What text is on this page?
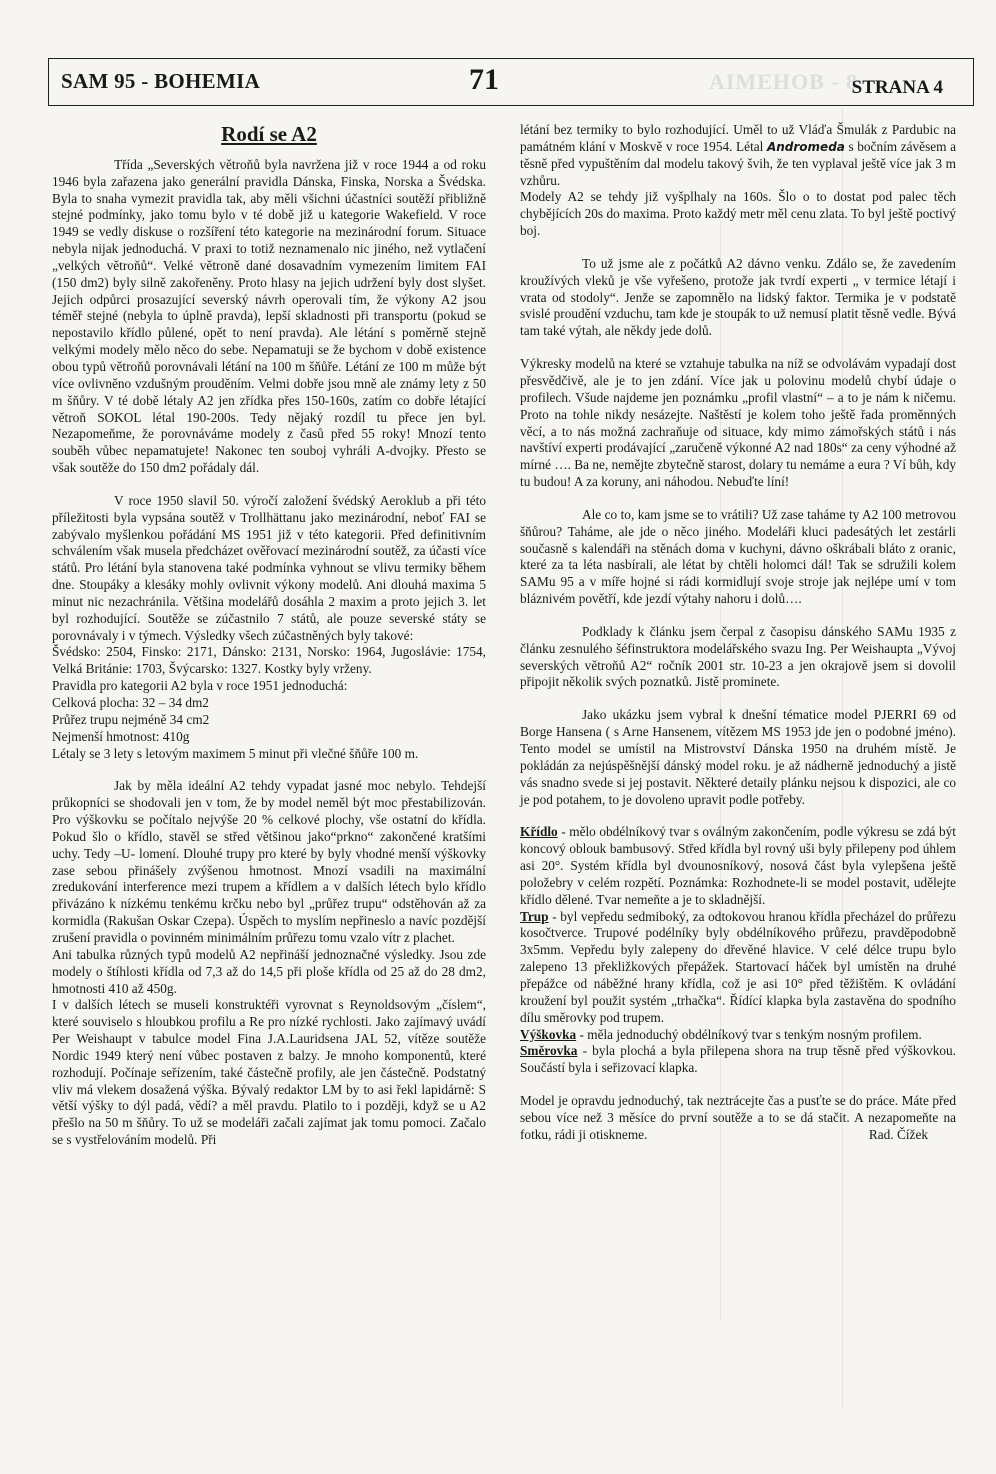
SAM 95 - BOHEMIA	71	AIMEHOB - 8
STRANA 4
Rodí se A2

Třída „Severských větroňů byla navržena již v roce 1944 a od roku 1946 byla zařazena jako generální pravidla Dánska, Finska, Norska a Švédska. Byla to snaha vymezit pravidla tak, aby měli všichni účastníci soutěží přibližně stejné podmínky, jako tomu bylo v té době již u kategorie Wakefield. V roce 1949 se vedly diskuse o rozšíření této kategorie na mezinárodní forum. Situace nebyla nijak jednoduchá. V praxi to totiž neznamenalo nic jiného, než vytlačení „velkých větroňů“. Velké větroně dané dosavadním vymezením limitem FAI (150 dm2) byly silně zakořeněny. Proto hlasy na jejich udržení byly dost slyšet. Jejich odpůrci prosazující severský návrh operovali tím, že výkony A2 jsou téměř stejné (nebyla to úplně pravda), lepší skladnosti při transportu (pokud se nepostavilo křídlo půlené, opět to není pravda). Ale létání s poměrně stejně velkými modely mělo něco do sebe. Nepamatuji se že bychom v době existence obou typů větroňů porovnávali létání na 100 m šňůře. Létání ze 100 m může být více ovlivněno vzdušným prouděním. Velmi dobře jsou mně ale známy lety z 50 m šňůry. V té době létaly A2 jen zřídka přes 150-160s, zatím co dobře létající větroň SOKOL létal 190-200s. Tedy nějaký rozdíl tu přece jen byl. Nezapomeňme, že porovnáváme modely z časů před 55 roky! Mnozí tento souběh vůbec nepamatujete! Nakonec ten souboj vyhráli A-dvojky. Přesto se však soutěže do 150 dm2 pořádaly dál.

V roce 1950 slavil 50. výročí založení švédský Aeroklub a při této příležitosti byla vypsána soutěž v Trollhättanu jako mezinárodní, neboť FAI se zabývalo myšlenkou pořádání MS 1951 již v této kategorii. Před definitivním schválením však musela předcházet ověřovací mezinárodní soutěž, za účasti více států. Pro létání byla stanovena také podmínka vyhnout se vlivu termiky během dne. Stoupáky a klesáky mohly ovlivnit výkony modelů. Ani dlouhá maxima 5 minut nic nezachránila. Většina modelářů dosáhla 2 maxim a proto jejich 3. let byl rozhodující. Soutěže se zúčastnilo 7 států, ale pouze severské státy se porovnávaly i v týmech. Výsledky všech zúčastněných byly takové:

Švédsko: 2504, Finsko: 2171, Dánsko: 2131, Norsko: 1964, Jugoslávie: 1754, Velká Británie: 1703, Švýcarsko: 1327. Kostky byly vrženy.

Pravidla pro kategorii A2 byla v roce 1951 jednoduchá:

Celková plocha: 32 – 34 dm2

Průřez trupu nejméně 34 cm2

Nejmenší hmotnost: 410g

Létaly se 3 lety s letovým maximem 5 minut při vlečné šňůře 100 m.

Jak by měla ideální A2 tehdy vypadat jasné moc nebylo. Tehdejší průkopníci se shodovali jen v tom, že by model neměl být moc přestabilizován. Pro výškovku se počítalo nejvýše 20 % celkové plochy, vše ostatní do křídla. Pokud šlo o křídlo, stavěl se střed většinou jako“prkno“ zakončené kratšími uchy. Tedy –U- lomení. Dlouhé trupy pro které by byly vhodné menší výškovky zase sebou přinášely zvýšenou hmotnost. Mnozí vsadili na maximální zredukování interference mezi trupem a křídlem a v dalších létech bylo křídlo přivázáno k nízkému tenkému krčku nebo byl „průřez trupu“ odstěhován až za kormidla (Rakušan Oskar Czepa). Úspěch to myslím nepřineslo a navíc pozdější zrušení pravidla o povinném minimálním průřezu tomu vzalo vítr z plachet.

Ani tabulka různých typů modelů A2 nepřináší jednoznačné výsledky. Jsou zde modely o štíhlosti křídla od 7,3 až do 14,5 při ploše křídla od 25 až do 28 dm2, hmotnosti 410 až 450g.

I v dalších létech se museli konstruktéři vyrovnat s Reynoldsovým „číslem“, které souviselo s hloubkou profilu a Re pro nízké rychlosti. Jako zajímavý uvádí Per Weishaupt v tabulce model Fina J.A.Lauridsena JAL 52, vítěze soutěže Nordic 1949 který není vůbec postaven z balzy. Je mnoho komponentů, které rozhodují. Počínaje seřízením, také částečně profily, ale jen částečně. Podstatný vliv má vlekem dosažená výška. Bývalý redaktor LM by to asi řekl lapidárně: S větší výšky to dýl padá, vědí? a měl pravdu. Platilo to i později, když se u A2 přešlo na 50 m šňůry. To už se modeláři začali zajímat jak tomu pomoci. Začalo se s vystřelováním modelů. Při

létání bez termiky to bylo rozhodující. Uměl to už Vláďa Šmulák z Pardubic na památném klání v Moskvě v roce 1954. Létal Andromeda s bočním závěsem a těsně před vypuštěním dal modelu takový švih, že ten vyplaval ještě více jak 3 m vzhůru.

Modely A2 se tehdy již vyšplhaly na 160s. Šlo o to dostat pod palec těch chybějících 20s do maxima. Proto každý metr měl cenu zlata. To byl ještě poctivý boj.

To už jsme ale z počátků A2 dávno venku. Zdálo se, že zavedením kroužívých vleků je vše vyřešeno, protože jak tvrdí experti „ v termice létají i vrata od stodoly“. Jenže se zapomnělo na lidský faktor. Termika je v podstatě svislé proudění vzduchu, tam kde je stoupák to už nemusí platit těsně vedle. Bývá tam také výtah, ale někdy jede dolů.

Výkresky modelů na které se vztahuje tabulka na níž se odvolávám vypadají dost přesvědčivě, ale je to jen zdání. Více jak u polovinu modelů chybí údaje o profilech. Všude najdeme jen poznámku „profil vlastní“ – a to je nám k ničemu. Proto na tohle nikdy nesázejte. Naštěstí je kolem toho ještě řada proměnných věcí, a to nás možná zachraňuje od situace, kdy mimo zámořských států i nás navštíví experti prodávající „zaručeně výkonné A2 nad 180s“ za ceny výhodné až mírné …. Ba ne, nemějte zbytečně starost, dolary tu nemáme a eura ? Ví bůh, kdy tu budou! A za koruny, ani náhodou. Nebuďte líní!

Ale co to, kam jsme se to vrátili? Už zase taháme ty A2 100 metrovou šňůrou? Taháme, ale jde o něco jiného. Modeláři kluci padesátých let zestárli současně s kalendáři na stěnách doma v kuchyni, dávno oškrábali bláto z oranic, které za ta léta nasbírali, ale létat by chtěli holomci dál! Tak se sdružili kolem SAMu 95 a v míře hojné si rádi kormidlují svoje stroje jak nejlépe umí v tom bláznivém povětří, kde jezdí výtahy nahoru i dolů….

Podklady k článku jsem čerpal z časopisu dánského SAMu 1935 z článku zesnulého šéfinstruktora modelářského svazu Ing. Per Weishaupta „Vývoj severských větroňů A2“ ročník 2001 str. 10-23 a jen okrajově jsem si dovolil připojit několik svých poznatků. Jistě prominete.

Jako ukázku jsem vybral k dnešní tématice model PJERRI 69 od Borge Hansena ( s Arne Hansenem, vítězem MS 1953 jde jen o podobné jméno). Tento model se umístil na Mistrovství Dánska 1950 na druhém místě. Je pokládán za nejúspěšnější dánský model roku. je až nádherně jednoduchý a jistě vás snadno svede si jej postavit. Některé detaily plánku nejsou k dispozici, ale co je pod potahem, to je dovoleno upravit podle potřeby.

Křídlo - mělo obdélníkový tvar s oválným zakončením, podle výkresu se zdá být koncový oblouk bambusový. Střed křídla byl rovný uši byly přilepeny pod úhlem asi 20°. Systém křídla byl dvounosníkový, nosová část byla vylepšena ještě položebry v celém rozpětí. Poznámka: Rozhodnete-li se model postavit, udělejte křídlo dělené. Tvar nemeňte a je to skladnější.

Trup - byl vepředu sedmiboký, za odtokovou hranou křídla přecházel do průřezu kosočtverce. Trupové podélníky byly obdélníkového průřezu, pravděpodobně 3x5mm. Vepředu byly zalepeny do dřevěné hlavice. V celé délce trupu bylo zalepeno 13 překližkových přepážek. Startovací háček byl umístěn na druhé přepážce od náběžné hrany křídla, což je asi 10° před těžištěm. K ovládání kroužení byl použit systém „trhačka“. Řídící klapka byla zastavěna do spodního dílu směrovky pod trupem.

Výškovka - měla jednoduchý obdélníkový tvar s tenkým nosným profilem.

Směrovka - byla plochá a byla přilepena shora na trup těsně před výškovkou. Součástí byla i seřizovací klapka.

Model je opravdu jednoduchý, tak neztrácejte čas a pusťte se do práce. Máte před sebou více než 3 měsíce do první soutěže a to se dá stačit. A nezapomeňte na fotku, rádi ji otiskneme.	Rad. Čížek
